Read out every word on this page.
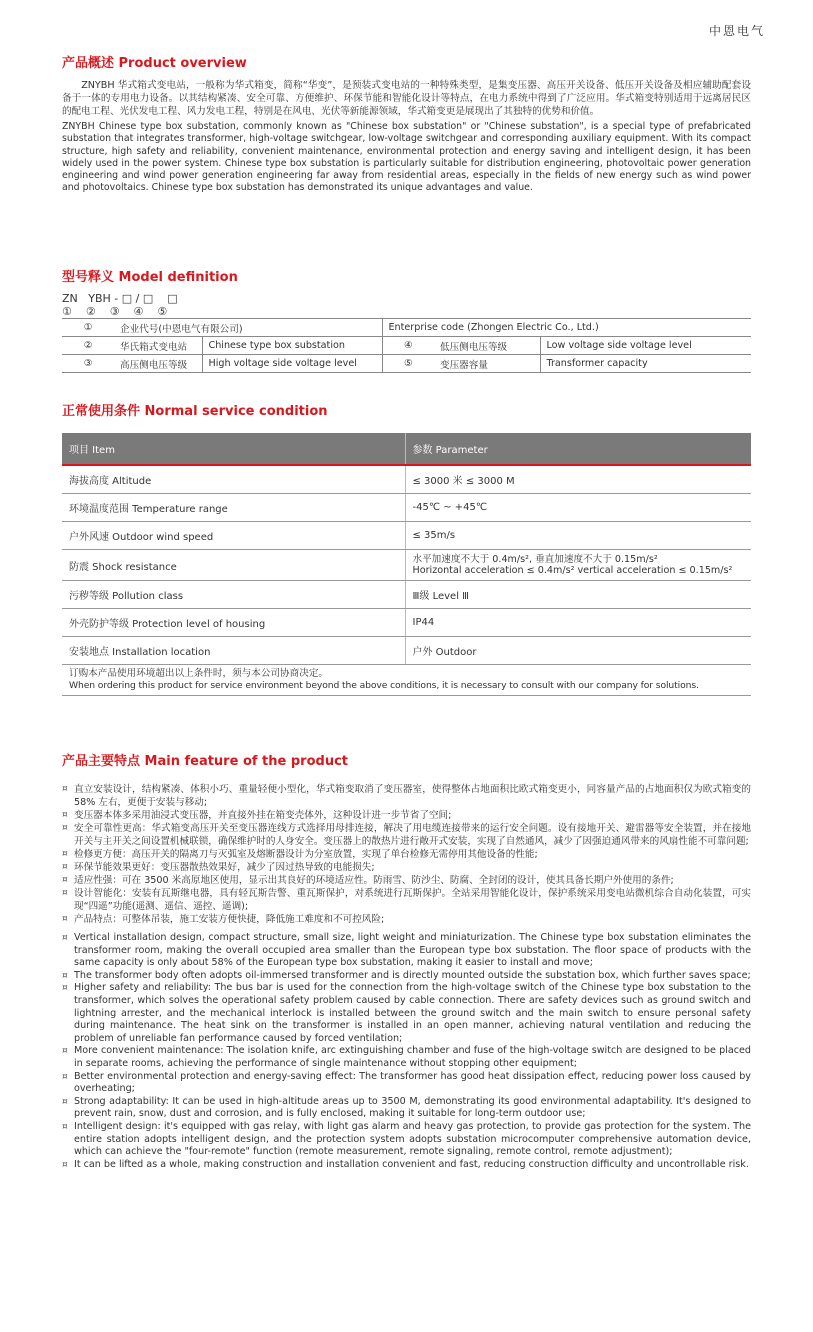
中恩电气
产品概述 Product overview

ZNYBH 华式箱式变电站，一般称为华式箱变，简称“华变”，是预装式变电站的一种特殊类型，是集变压器、高压开关设备、低压开关设备及相应辅助配套设备于一体的专用电力设备。以其结构紧凑、安全可靠、方便维护、环保节能和智能化设计等特点，在电力系统中得到了广泛应用。华式箱变特别适用于远离居民区的配电工程、光伏发电工程、风力发电工程，特别是在风电、光伏等新能源领域，华式箱变更是展现出了其独特的优势和价值。

ZNYBH Chinese type box substation, commonly known as "Chinese box substation" or "Chinese substation", is a special type of prefabricated substation that integrates transformer, high-voltage switchgear, low-voltage switchgear and corresponding auxiliary equipment. With its compact structure, high safety and reliability, convenient maintenance, environmental protection and energy saving and intelligent design, it has been widely used in the power system. Chinese type box substation is particularly suitable for distribution engineering, photovoltaic power generation engineering and wind power generation engineering far away from residential areas, especially in the fields of new energy such as wind power and photovoltaics. Chinese type box substation has demonstrated its unique advantages and value.

型号释义 Model definition

ZN   YBH - □ / □    □

①    ②    ③    ④    ⑤

①	企业代号(中恩电气有限公司)		Enterprise code (Zhongen Electric Co., Ltd.)		
②	华氏箱式变电站	Chinese type box substation	④	低压侧电压等级	Low voltage side voltage level
③	高压侧电压等级	High voltage side voltage level	⑤	变压器容量	Transformer capacity
正常使用条件 Normal service condition
项目 Item	参数 Parameter
海拔高度 Altitude	≤ 3000 米 ≤ 3000 M
环境温度范围 Temperature range	-45℃ ~ +45℃
户外风速 Outdoor wind speed	≤ 35m/s
防震 Shock resistance	水平加速度不大于 0.4m/s², 垂直加速度不大于 0.15m/s²
Horizontal acceleration ≤ 0.4m/s² vertical acceleration ≤ 0.15m/s²

污秽等级 Pollution class	Ⅲ级 Level Ⅲ
外壳防护等级 Protection level of housing	IP44
安装地点 Installation location	户外 Outdoor
订购本产品使用环境超出以上条件时，须与本公司协商决定。
When ordering this product for service environment beyond the above conditions, it is necessary to consult with our company for solutions.
产品主要特点 Main feature of the product
¤ 直立安装设计，结构紧凑、体积小巧、重量轻便小型化，华式箱变取消了变压器室，使得整体占地面积比欧式箱变更小，同容量产品的占地面积仅为欧式箱变的 58% 左右，更便于安装与移动;
¤ 变压器本体多采用油浸式变压器，并直接外挂在箱变壳体外，这种设计进一步节省了空间;
¤ 安全可靠性更高：华式箱变高压开关至变压器连线方式选择用母排连接，解决了用电缆连接带来的运行安全问题。设有接地开关、避雷器等安全装置，并在接地开关与主开关之间设置机械联锁，确保维护时的人身安全。变压器上的散热片进行敞开式安装，实现了自然通风，减少了因强迫通风带来的风扇性能不可靠问题;
¤ 检修更方便：高压开关的隔离刀与灭弧室及熔断器设计为分室放置，实现了单台检修无需停用其他设备的性能;
¤ 环保节能效果更好：变压器散热效果好，减少了因过热导致的电能损失;
¤ 适应性强：可在 3500 米高原地区使用，显示出其良好的环境适应性。防雨雪、防沙尘、防腐、全封闭的设计，使其具备长期户外使用的条件;
¤ 设计智能化：安装有瓦斯继电器，具有轻瓦斯告警、重瓦斯保护，对系统进行瓦斯保护。全站采用智能化设计，保护系统采用变电站微机综合自动化装置，可实现“四遥”功能(遥测、遥信、遥控、遥调);
¤ 产品特点：可整体吊装，施工安装方便快捷，降低施工难度和不可控风险;
¤ Vertical installation design, compact structure, small size, light weight and miniaturization. The Chinese type box substation eliminates the transformer room, making the overall occupied area smaller than the European type box substation. The floor space of products with the same capacity is only about 58% of the European type box substation, making it easier to install and move;
¤ The transformer body often adopts oil-immersed transformer and is directly mounted outside the substation box, which further saves space;
¤ Higher safety and reliability: The bus bar is used for the connection from the high-voltage switch of the Chinese type box substation to the transformer, which solves the operational safety problem caused by cable connection. There are safety devices such as ground switch and lightning arrester, and the mechanical interlock is installed between the ground switch and the main switch to ensure personal safety during maintenance. The heat sink on the transformer is installed in an open manner, achieving natural ventilation and reducing the problem of unreliable fan performance caused by forced ventilation;
¤ More convenient maintenance: The isolation knife, arc extinguishing chamber and fuse of the high-voltage switch are designed to be placed in separate rooms, achieving the performance of single maintenance without stopping other equipment;
¤ Better environmental protection and energy-saving effect: The transformer has good heat dissipation effect, reducing power loss caused by overheating;
¤ Strong adaptability: It can be used in high-altitude areas up to 3500 M, demonstrating its good environmental adaptability. It's designed to prevent rain, snow, dust and corrosion, and is fully enclosed, making it suitable for long-term outdoor use;
¤ Intelligent design: it's equipped with gas relay, with light gas alarm and heavy gas protection, to provide gas protection for the system. The entire station adopts intelligent design, and the protection system adopts substation microcomputer comprehensive automation device, which can achieve the "four-remote" function (remote measurement, remote signaling, remote control, remote adjustment);
¤ It can be lifted as a whole, making construction and installation convenient and fast, reducing construction difficulty and uncontrollable risk.
